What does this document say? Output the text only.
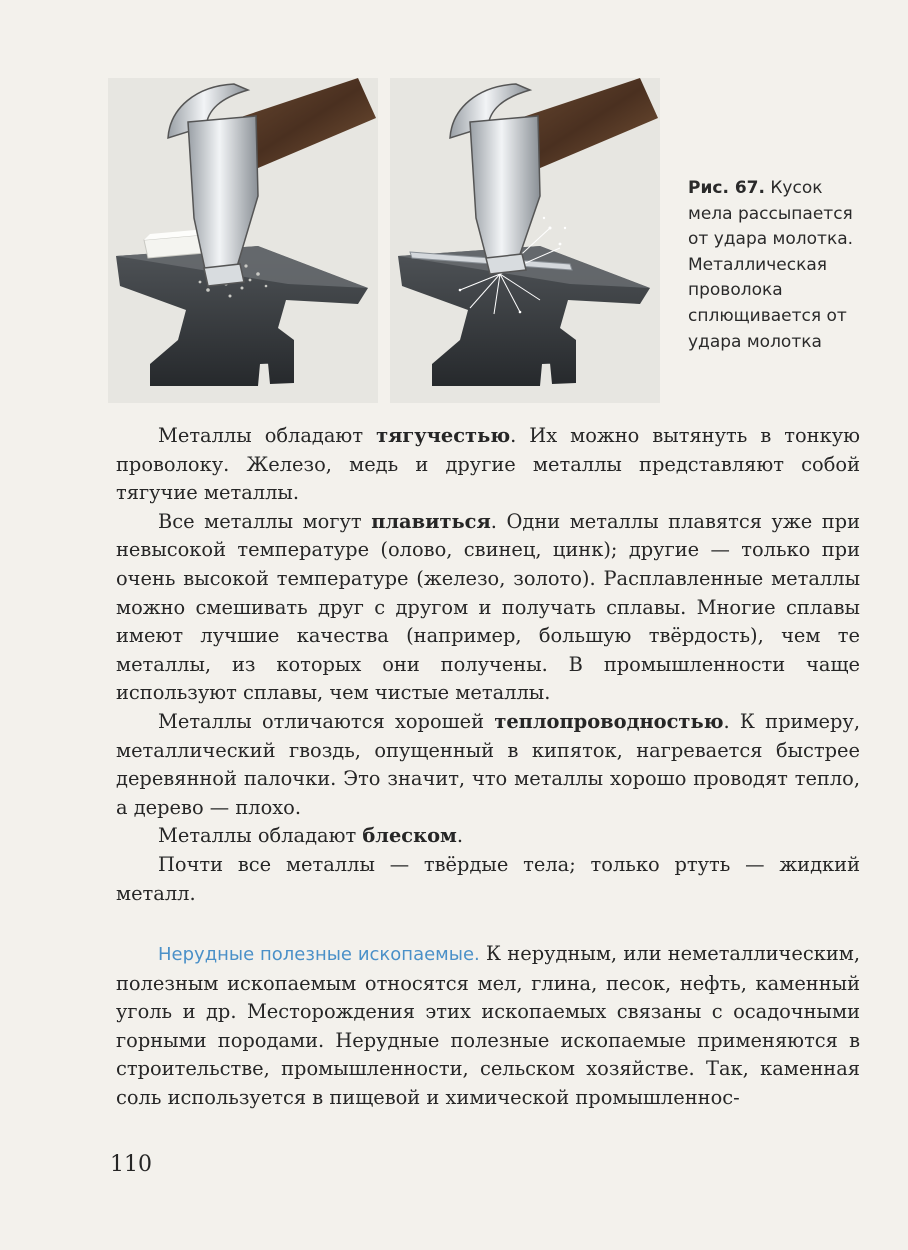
Рис. 67. Кусок мела рассыпается от удара молотка. Металлическая проволока сплющивается от удара молотка

Металлы обладают тягучестью. Их можно вытянуть в тонкую проволоку. Железо, медь и другие металлы представляют собой тягучие металлы.

Все металлы могут плавиться. Одни металлы плавятся уже при невысокой температуре (олово, свинец, цинк); другие — только при очень высокой температуре (железо, золото). Расплавленные металлы можно смешивать друг с другом и получать сплавы. Многие сплавы имеют лучшие качества (например, большую твёрдость), чем те металлы, из которых они получены. В промышленности чаще используют сплавы, чем чистые металлы.

Металлы отличаются хорошей теплопроводностью. К примеру, металлический гвоздь, опущенный в кипяток, нагревается быстрее деревянной палочки. Это значит, что металлы хорошо проводят тепло, а дерево — плохо.

Металлы обладают блеском.

Почти все металлы — твёрдые тела; только ртуть — жидкий металл.

Нерудные полезные ископаемые. К нерудным, или неметаллическим, полезным ископаемым относятся мел, глина, песок, нефть, каменный уголь и др. Месторождения этих ископаемых связаны с осадочными горными породами. Нерудные полезные ископаемые применяются в строительстве, промышленности, сельском хозяйстве. Так, каменная соль используется в пищевой и химической промышленнос-

110
